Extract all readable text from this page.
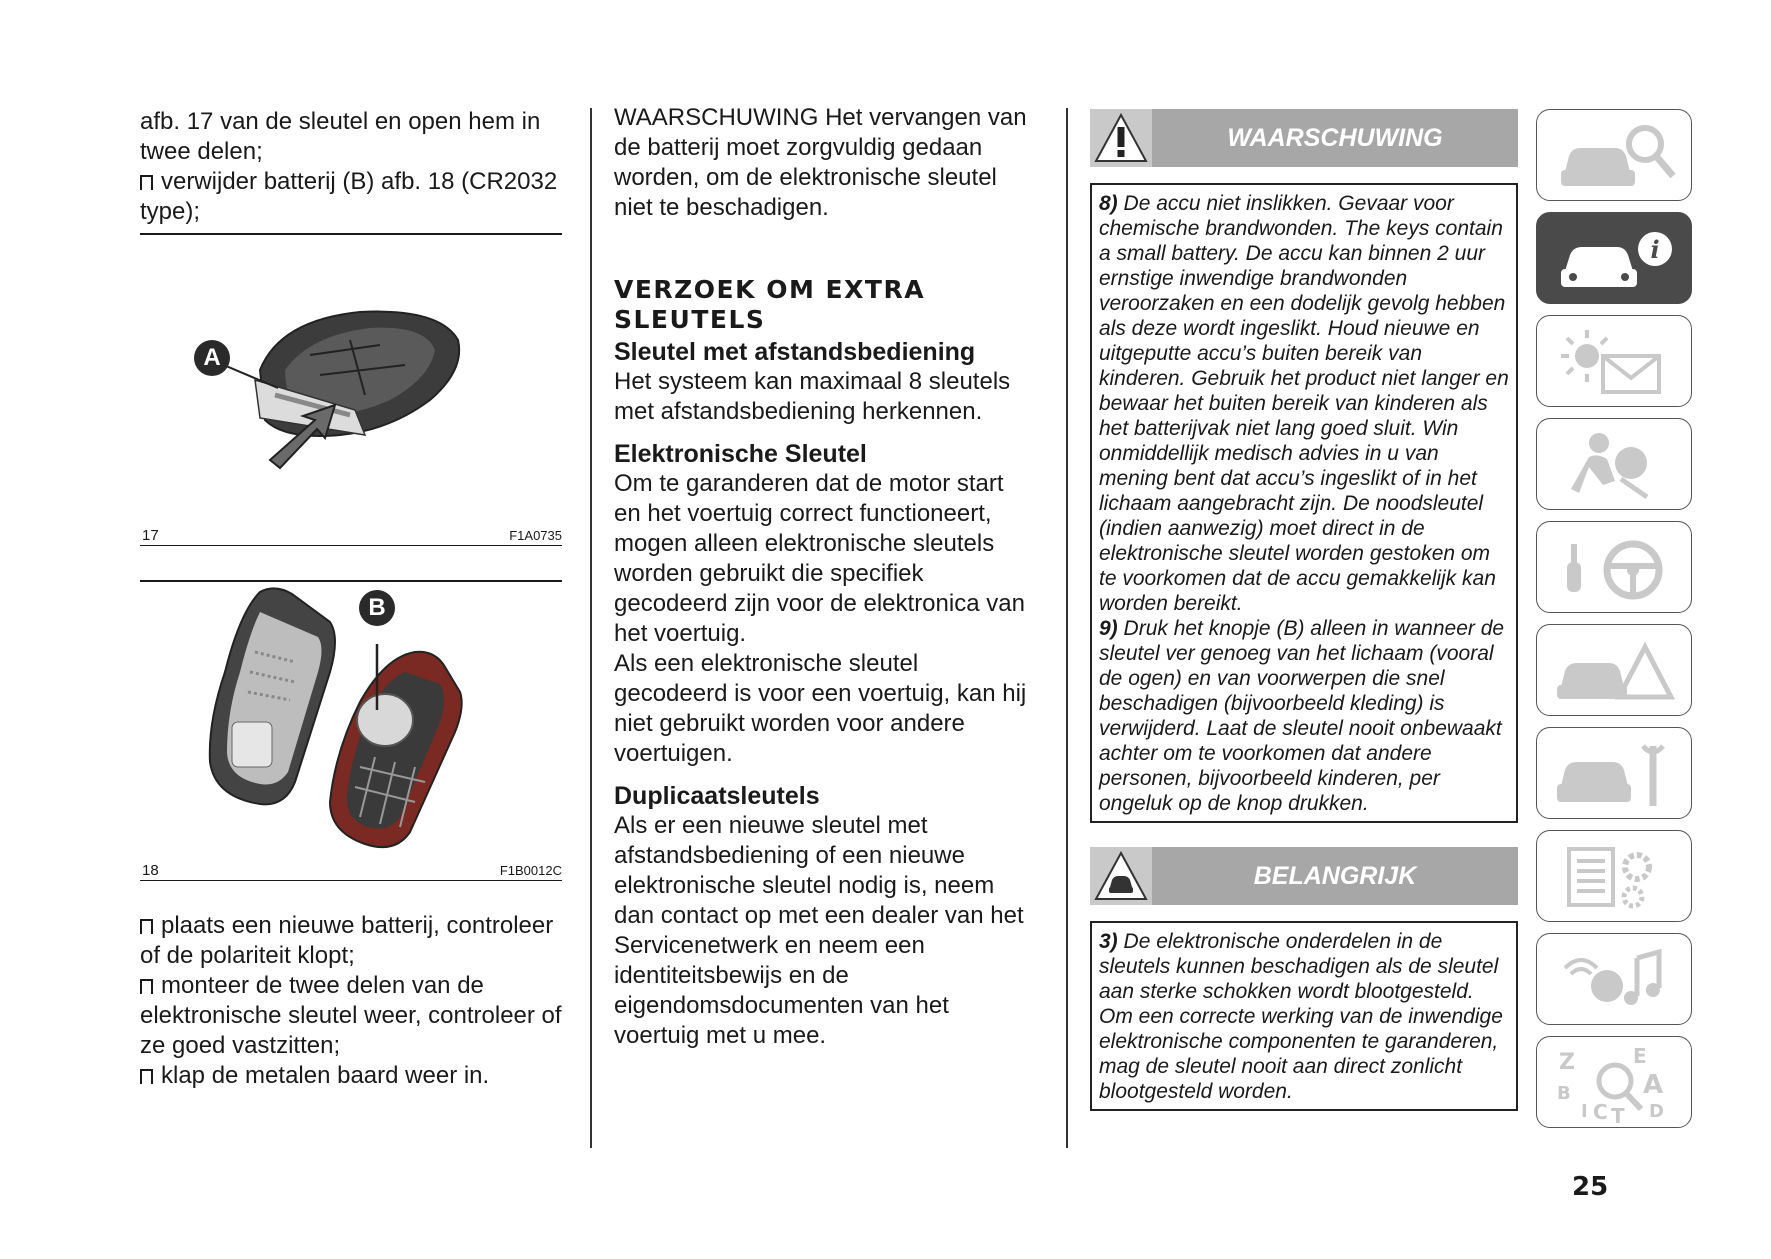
afb. 17 van de sleutel en open hem in twee delen;

verwijder batterij (B) afb. 18 (CR2032 type);

A
17	F1A0735
B
18	F1B0012C

plaats een nieuwe batterij, controleer of de polariteit klopt;

monteer de twee delen van de elektronische sleutel weer, controleer of ze goed vastzitten;

klap de metalen baard weer in.

WAARSCHUWING Het vervangen van de batterij moet zorgvuldig gedaan worden, om de elektronische sleutel niet te beschadigen.

VERZOEK OM EXTRA SLEUTELS
Sleutel met afstandsbediening

Het systeem kan maximaal 8 sleutels met afstandsbediening herkennen.

Elektronische Sleutel

Om te garanderen dat de motor start en het voertuig correct functioneert, mogen alleen elektronische sleutels worden gebruikt die specifiek gecodeerd zijn voor de elektronica van het voertuig.

Als een elektronische sleutel gecodeerd is voor een voertuig, kan hij niet gebruikt worden voor andere voertuigen.

Duplicaatsleutels

Als er een nieuwe sleutel met afstandsbediening of een nieuwe elektronische sleutel nodig is, neem dan contact op met een dealer van het Servicenetwerk en neem een identiteitsbewijs en de eigendomsdocumenten van het voertuig met u mee.

WAARSCHUWING
8) De accu niet inslikken. Gevaar voor chemische brandwonden. The keys contain a small battery. De accu kan binnen 2 uur ernstige inwendige brandwonden veroorzaken en een dodelijk gevolg hebben als deze wordt ingeslikt. Houd nieuwe en uitgeputte accu’s buiten bereik van kinderen. Gebruik het product niet langer en bewaar het buiten bereik van kinderen als het batterijvak niet lang goed sluit. Win onmiddellijk medisch advies in u van mening bent dat accu’s ingeslikt of in het lichaam aangebracht zijn. De noodsleutel (indien aanwezig) moet direct in de elektronische sleutel worden gestoken om te voorkomen dat de accu gemakkelijk kan worden bereikt.
9) Druk het knopje (B) alleen in wanneer de sleutel ver genoeg van het lichaam (vooral de ogen) en van voorwerpen die snel beschadigen (bijvoorbeeld kleding) is verwijderd. Laat de sleutel nooit onbewaakt achter om te voorkomen dat andere personen, bijvoorbeeld kinderen, per ongeluk op de knop drukken.
BELANGRIJK
3) De elektronische onderdelen in de sleutels kunnen beschadigen als de sleutel aan sterke schokken wordt blootgesteld. Om een correcte werking van de inwendige elektronische componenten te garanderen, mag de sleutel nooit aan direct zonlicht blootgesteld worden.
i
Z	E
B	A
I C T D
25
